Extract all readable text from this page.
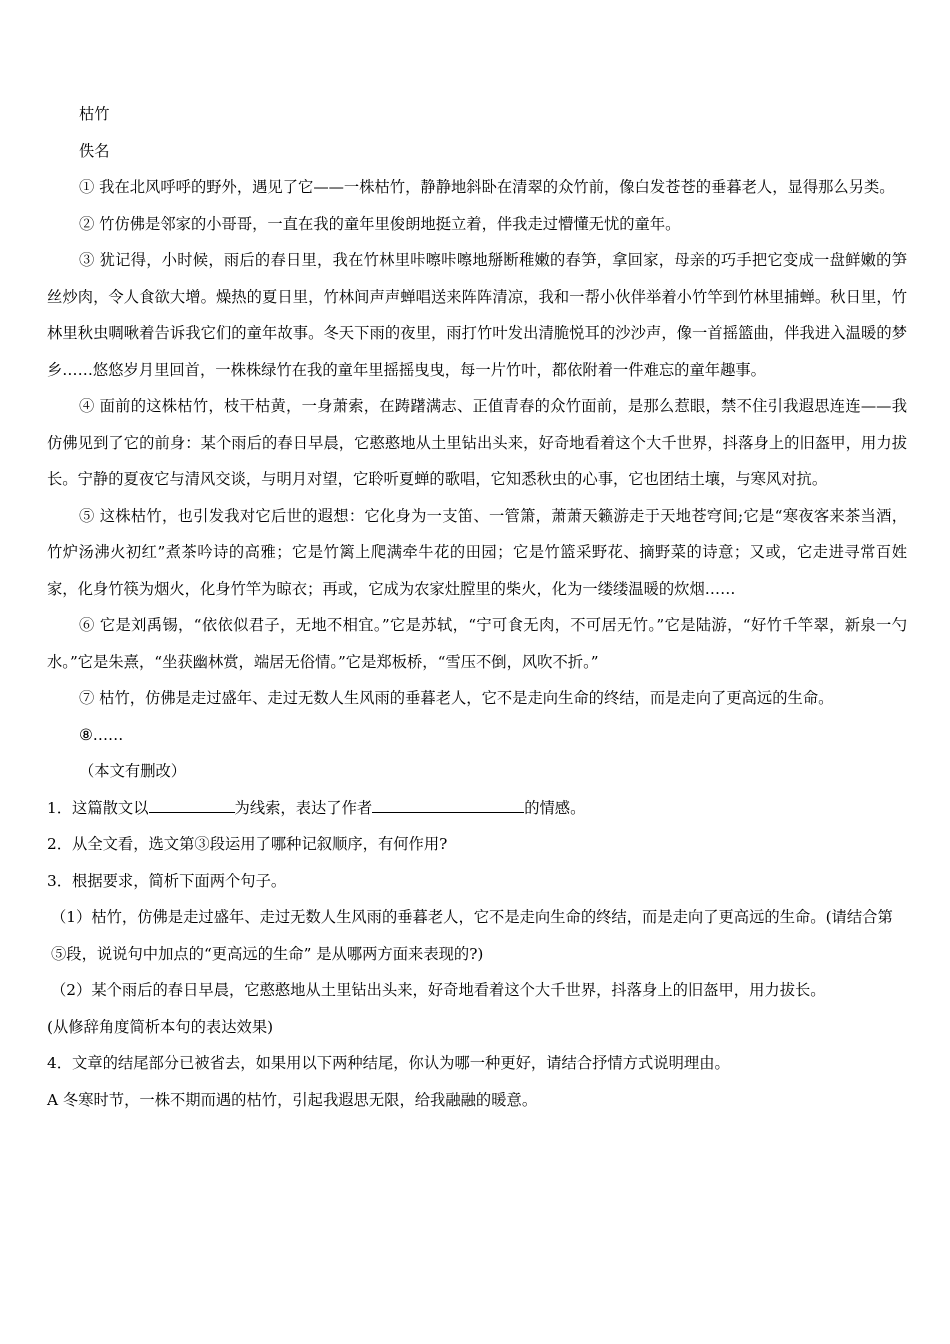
枯竹

佚名

① 我在北风呼呼的野外，遇见了它——一株枯竹，静静地斜卧在清翠的众竹前，像白发苍苍的垂暮老人，显得那么另类。

② 竹仿佛是邻家的小哥哥，一直在我的童年里俊朗地挺立着，伴我走过懵懂无忧的童年。

③ 犹记得，小时候，雨后的春日里，我在竹林里咔嚓咔嚓地掰断稚嫩的春笋，拿回家，母亲的巧手把它变成一盘鲜嫩的笋丝炒肉，令人食欲大增。燥热的夏日里，竹林间声声蝉唱送来阵阵清凉，我和一帮小伙伴举着小竹竿到竹林里捕蝉。秋日里，竹林里秋虫啁啾着告诉我它们的童年故事。冬天下雨的夜里，雨打竹叶发出清脆悦耳的沙沙声，像一首摇篮曲，伴我进入温暖的梦乡……悠悠岁月里回首，一株株绿竹在我的童年里摇摇曳曳，每一片竹叶，都依附着一件难忘的童年趣事。

④ 面前的这株枯竹，枝干枯黄，一身萧索，在踌躇满志、正值青春的众竹面前，是那么惹眼，禁不住引我遐思连连——我仿佛见到了它的前身：某个雨后的春日早晨，它憨憨地从土里钻出头来，好奇地看着这个大千世界，抖落身上的旧盔甲，用力拔长。宁静的夏夜它与清风交谈，与明月对望，它聆听夏蝉的歌唱，它知悉秋虫的心事，它也团结土壤，与寒风对抗。

⑤ 这株枯竹，也引发我对它后世的遐想：它化身为一支笛、一管箫，萧萧天籁游走于天地苍穹间;它是“寒夜客来茶当酒，竹炉汤沸火初红”煮茶吟诗的高雅；它是竹篱上爬满牵牛花的田园；它是竹篮采野花、摘野菜的诗意；又或，它走进寻常百姓家，化身竹筷为烟火，化身竹竿为晾衣；再或，它成为农家灶膛里的柴火，化为一缕缕温暖的炊烟……

⑥ 它是刘禹锡，“依依似君子，无地不相宜。”它是苏轼，“宁可食无肉，不可居无竹。”它是陆游，“好竹千竿翠，新泉一勺水。”它是朱熹，“坐获幽林赏，端居无俗情。”它是郑板桥，“雪压不倒，风吹不折。”

⑦ 枯竹，仿佛是走过盛年、走过无数人生风雨的垂暮老人，它不是走向生命的终结，而是走向了更高远的生命。

⑧……

（本文有删改）

1．这篇散文以	为线索，表达了作者	的情感。

2．从全文看，选文第③段运用了哪种记叙顺序，有何作用?

3．根据要求，简析下面两个句子。

（1）枯竹，仿佛是走过盛年、走过无数人生风雨的垂暮老人，它不是走向生命的终结，而是走向了更高远的生命。(请结合第⑤段，说说句中加点的“更高远的生命” 是从哪两方面来表现的?)

（2）某个雨后的春日早晨，它憨憨地从土里钻出头来，好奇地看着这个大千世界，抖落身上的旧盔甲，用力拔长。

(从修辞角度简析本句的表达效果)

4．文章的结尾部分已被省去，如果用以下两种结尾，你认为哪一种更好，请结合抒情方式说明理由。

A 冬寒时节，一株不期而遇的枯竹，引起我遐思无限，给我融融的暖意。
